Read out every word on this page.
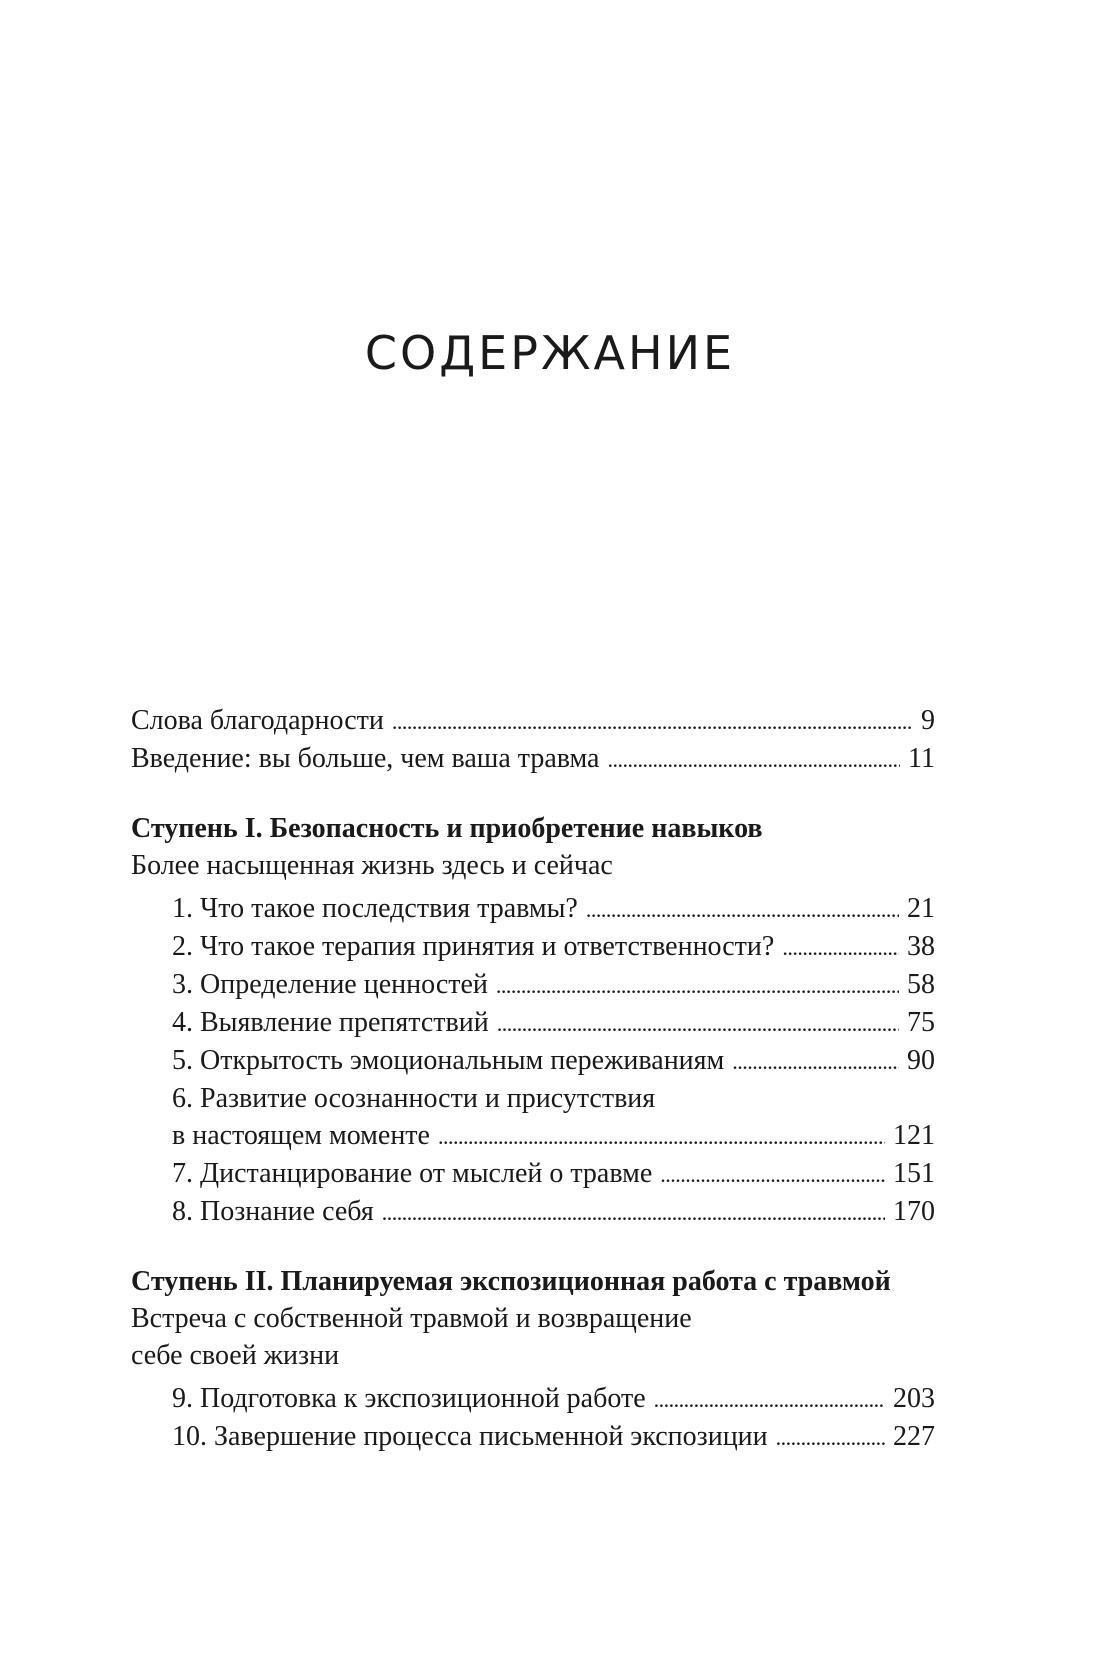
СОДЕРЖАНИЕ
Слова благодарности . . .	9
Введение: вы больше, чем ваша травма . . .	11
Ступень I. Безопасность и приобретение навыков
Более насыщенная жизнь здесь и сейчас
1. Что такое последствия травмы? . . .	21
2. Что такое терапия принятия и ответственности? . . .	38
3. Определение ценностей . . .	58
4. Выявление препятствий . . .	75
5. Открытость эмоциональным переживаниям . . .	90
6. Развитие осознанности и присутствия
в настоящем моменте . . .	121
7. Дистанцирование от мыслей о травме . . .	151
8. Познание себя . . .	170
Ступень II. Планируемая экспозиционная работа с травмой
Встреча с собственной травмой и возвращение
себе своей жизни
9. Подготовка к экспозиционной работе . . .	203
10. Завершение процесса письменной экспозиции . . .	227
